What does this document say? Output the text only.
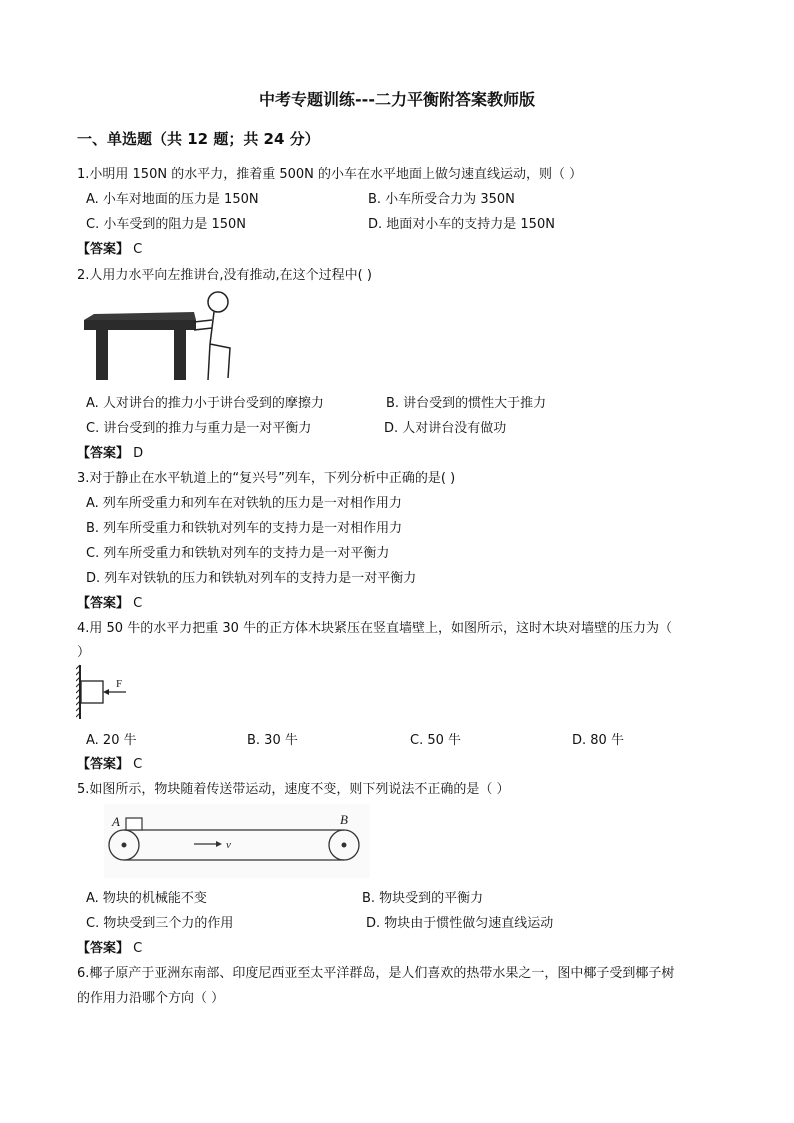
中考专题训练---二力平衡附答案教师版
一、单选题（共 12 题；共 24 分）
1.小明用 150N 的水平力，推着重 500N 的小车在水平地面上做匀速直线运动，则（ ）
A. 小车对地面的压力是 150N	B. 小车所受合力为 350N
C. 小车受到的阻力是 150N	D. 地面对小车的支持力是 150N
【答案】 C
2.人用力水平向左推讲台,没有推动,在这个过程中( )
A. 人对讲台的推力小于讲台受到的摩擦力	B. 讲台受到的惯性大于推力
C. 讲台受到的推力与重力是一对平衡力	D. 人对讲台没有做功
【答案】 D
3.对于静止在水平轨道上的“复兴号”列车，下列分析中正确的是( )
A. 列车所受重力和列车在对铁轨的压力是一对相作用力
B. 列车所受重力和铁轨对列车的支持力是一对相作用力
C. 列车所受重力和铁轨对列车的支持力是一对平衡力
D. 列车对铁轨的压力和铁轨对列车的支持力是一对平衡力
【答案】 C
4.用 50 牛的水平力把重 30 牛的正方体木块紧压在竖直墙壁上，如图所示，这时木块对墙壁的压力为（
）
F
A. 20 牛	B. 30 牛	C. 50 牛	D. 80 牛
【答案】 C
5.如图所示，物块随着传送带运动，速度不变，则下列说法不正确的是（ ）
A	B
v
A. 物块的机械能不变	B. 物块受到的平衡力
C. 物块受到三个力的作用	D. 物块由于惯性做匀速直线运动
【答案】 C
6.椰子原产于亚洲东南部、印度尼西亚至太平洋群岛，是人们喜欢的热带水果之一，图中椰子受到椰子树
的作用力沿哪个方向（ ）
